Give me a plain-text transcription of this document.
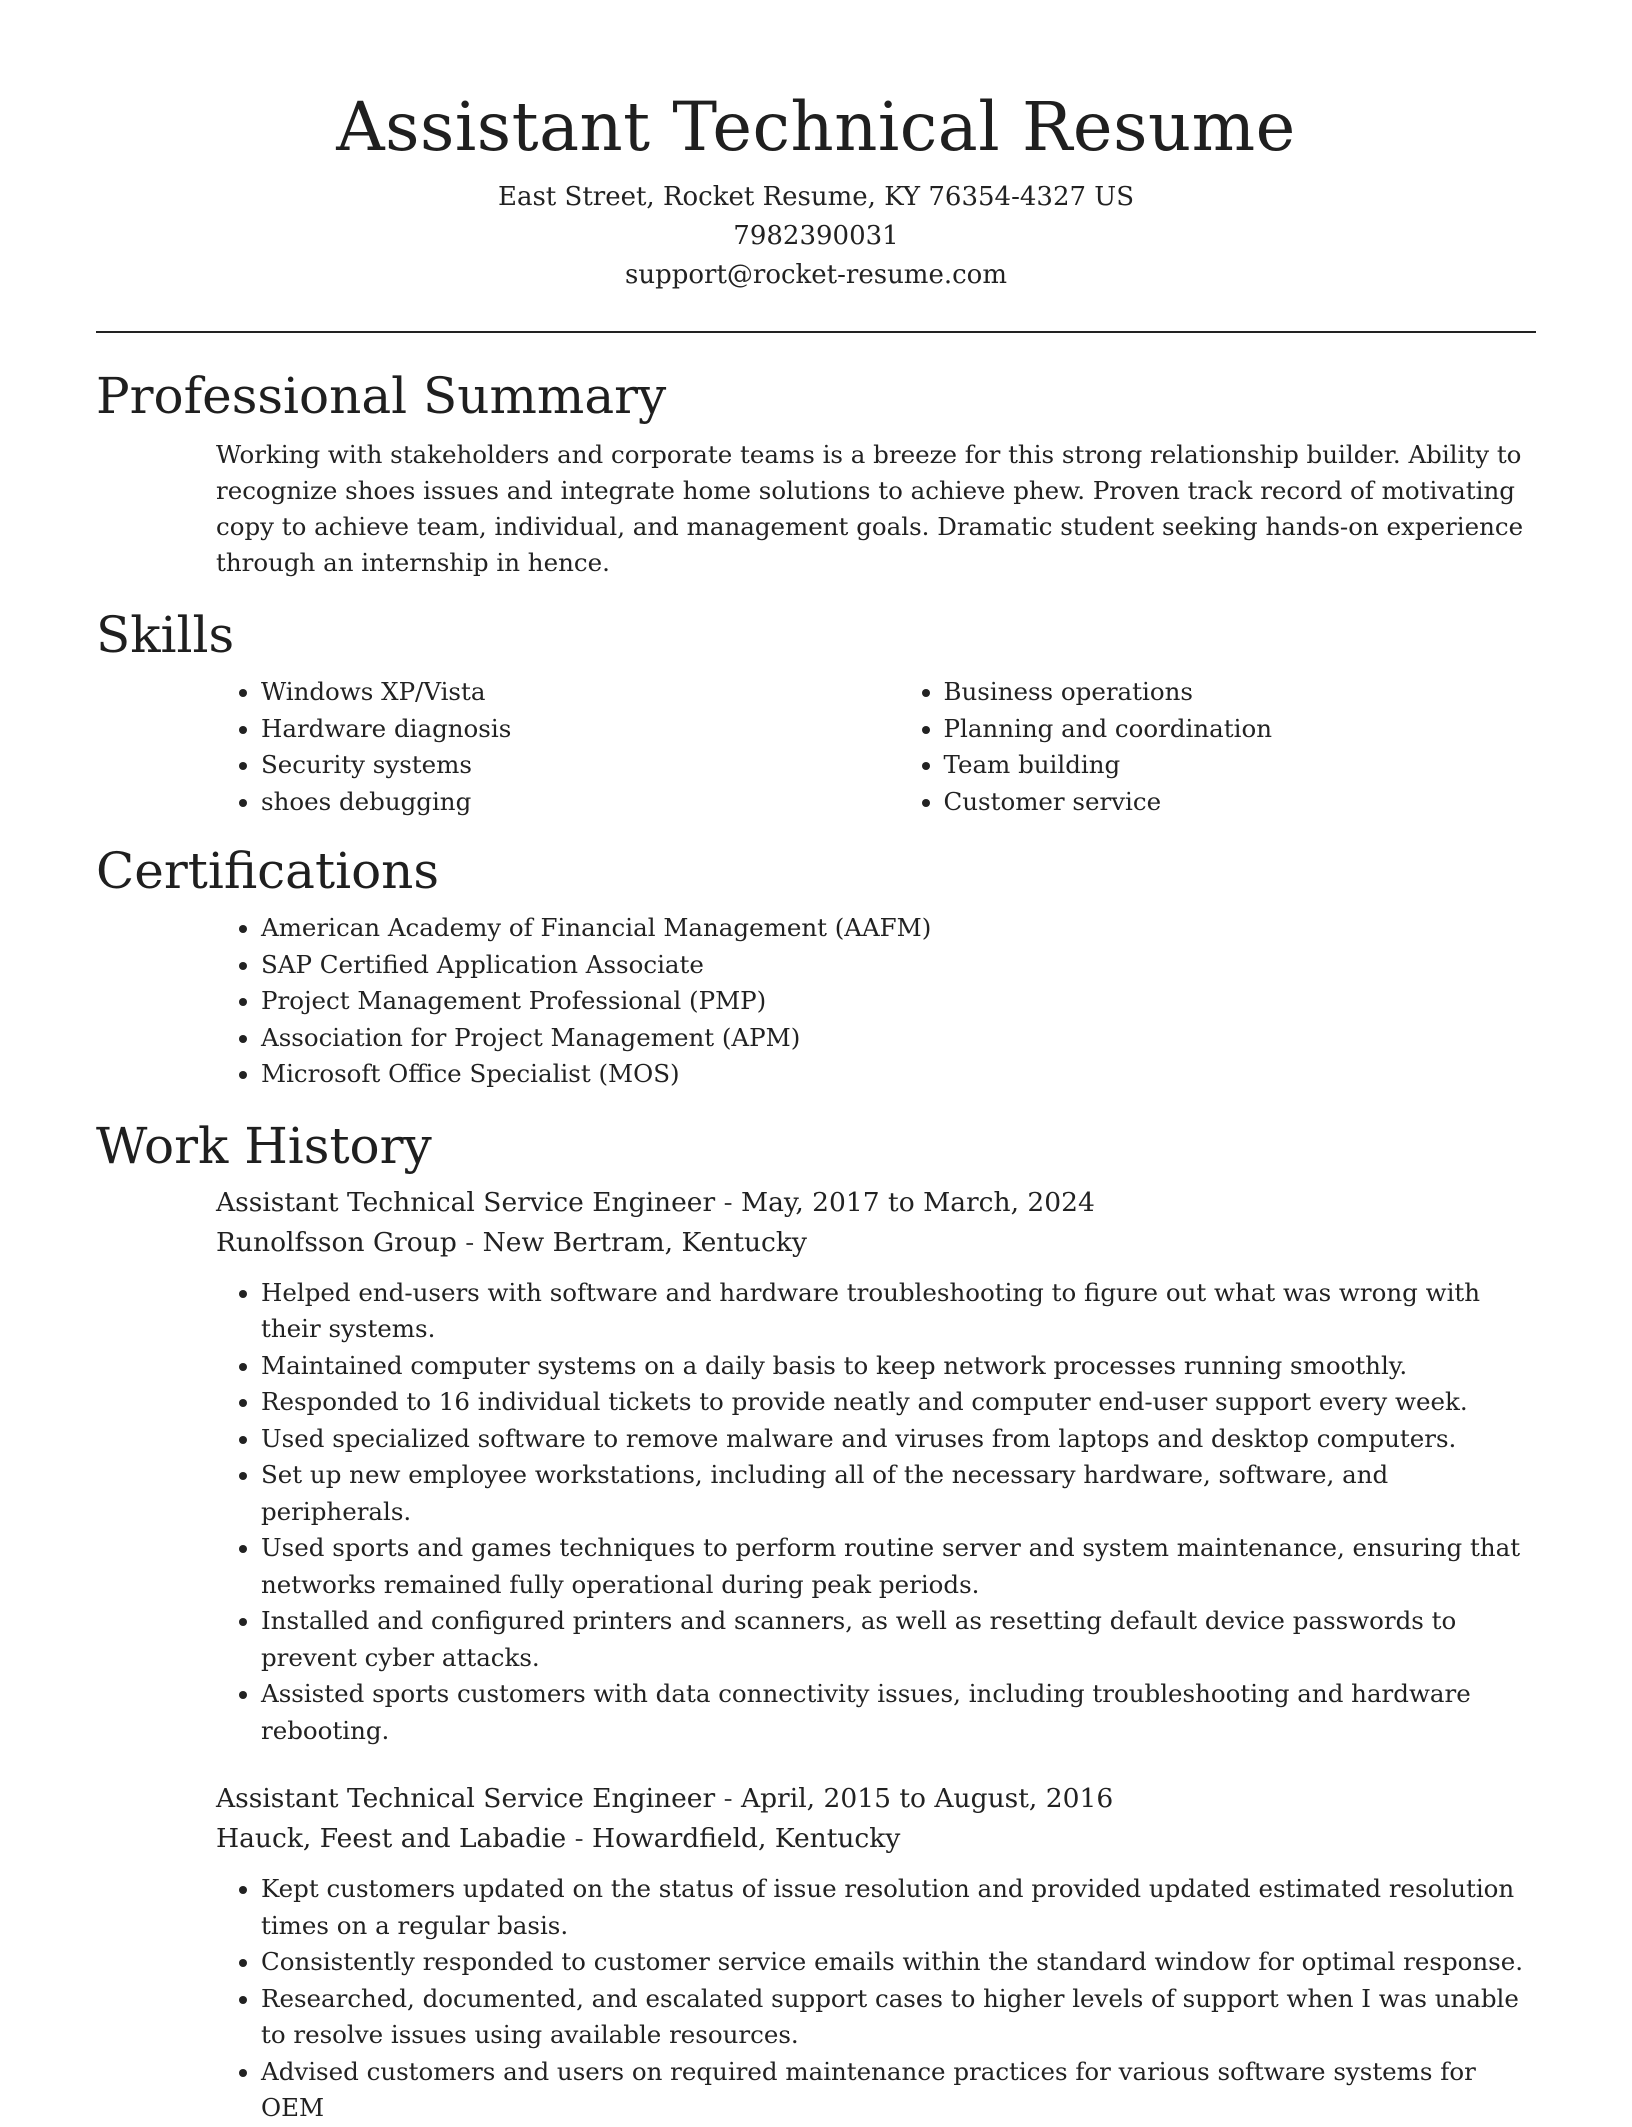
Assistant Technical Resume
East Street, Rocket Resume, KY 76354-4327 US
7982390031
support@rocket-resume.com
Professional Summary
Working with stakeholders and corporate teams is a breeze for this strong relationship builder. Ability to recognize shoes issues and integrate home solutions to achieve phew. Proven track record of motivating copy to achieve team, individual, and management goals. Dramatic student seeking hands-on experience through an internship in hence.
Skills
• Windows XP/Vista
• Hardware diagnosis
• Security systems
• shoes debugging
• Business operations
• Planning and coordination
• Team building
• Customer service
Certifications
• American Academy of Financial Management (AAFM)
• SAP Certified Application Associate
• Project Management Professional (PMP)
• Association for Project Management (APM)
• Microsoft Office Specialist (MOS)
Work History
Assistant Technical Service Engineer - May, 2017 to March, 2024
Runolfsson Group - New Bertram, Kentucky
• Helped end-users with software and hardware troubleshooting to figure out what was wrong with their systems.
• Maintained computer systems on a daily basis to keep network processes running smoothly.
• Responded to 16 individual tickets to provide neatly and computer end-user support every week.
• Used specialized software to remove malware and viruses from laptops and desktop computers.
• Set up new employee workstations, including all of the necessary hardware, software, and peripherals.
• Used sports and games techniques to perform routine server and system maintenance, ensuring that networks remained fully operational during peak periods.
• Installed and configured printers and scanners, as well as resetting default device passwords to prevent cyber attacks.
• Assisted sports customers with data connectivity issues, including troubleshooting and hardware rebooting.
Assistant Technical Service Engineer - April, 2015 to August, 2016
Hauck, Feest and Labadie - Howardfield, Kentucky
• Kept customers updated on the status of issue resolution and provided updated estimated resolution times on a regular basis.
• Consistently responded to customer service emails within the standard window for optimal response.
• Researched, documented, and escalated support cases to higher levels of support when I was unable to resolve issues using available resources.
• Advised customers and users on required maintenance practices for various software systems for OEM
